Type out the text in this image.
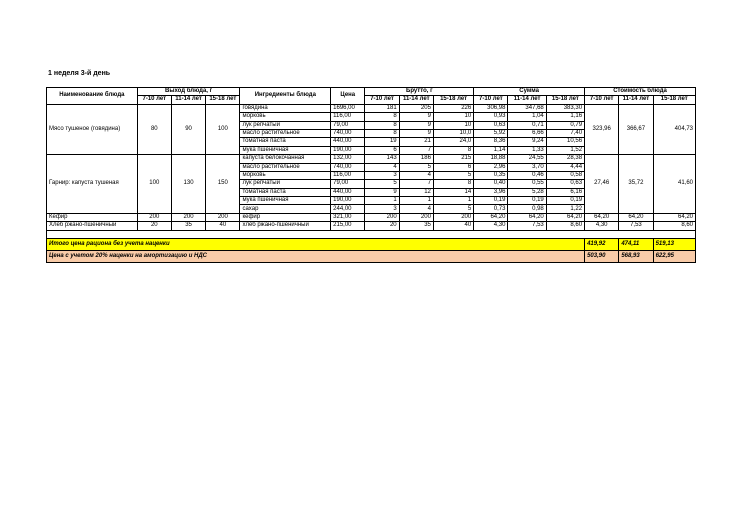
1 неделя 3-й день
Наименование блюда	Выход блюда, г			Ингредиенты блюда	Цена	Брутто, г			Сумма			Стоимость блюда		
	7-10 лет	11-14 лет	15-18 лет			7-10 лет	11-14 лет	15-18 лет	7-10 лет	11-14 лет	15-18 лет	7-10 лет	11-14 лет	15-18 лет
Мясо тушеное (говядина)	80	90	100	говядина	1696,00	181	205	226	306,98	347,68	383,30	323,96	366,67	404,73
				морковь	116,00	8	9	10	0,93	1,04	1,16			
				лук репчатый	79,00	8	9	10	0,63	0,71	0,79			
				масло растительное	740,00	8	9	10,0	5,92	6,66	7,40			
				томатная паста	440,00	19	21	24,0	8,36	9,24	10,56			
				мука пшеничная	190,00	6	7	8	1,14	1,33	1,52			
Гарнир: капуста тушеная	100	130	150	капуста белокочанная	132,00	143	186	215	18,88	24,55	28,38	27,46	35,72	41,60
				масло растительное	740,00	4	5	6	2,96	3,70	4,44			
				морковь	116,00	3	4	5	0,35	0,46	0,58			
				лук репчатый	79,00	5	7	8	0,40	0,55	0,63			
				томатная паста	440,00	9	12	14	3,96	5,28	6,16			
				мука пшеничная	190,00	1	1	1	0,19	0,19	0,19			
				сахар	244,00	3	4	5	0,73	0,98	1,22			
Кефир	200	200	200	кефир	321,00	200	200	200	64,20	64,20	64,20	64,20	64,20	64,20
Хлеб ржано-пшеничный	20	35	40	хлеб ржано-пшеничный	215,00	20	35	40	4,30	7,53	8,60	4,30	7,53	8,60

Итого цена рациона без учета наценки												419,92	474,11	519,13
Цена с учетом 20% наценки на амортизацию и НДС												503,90	568,93	622,95
